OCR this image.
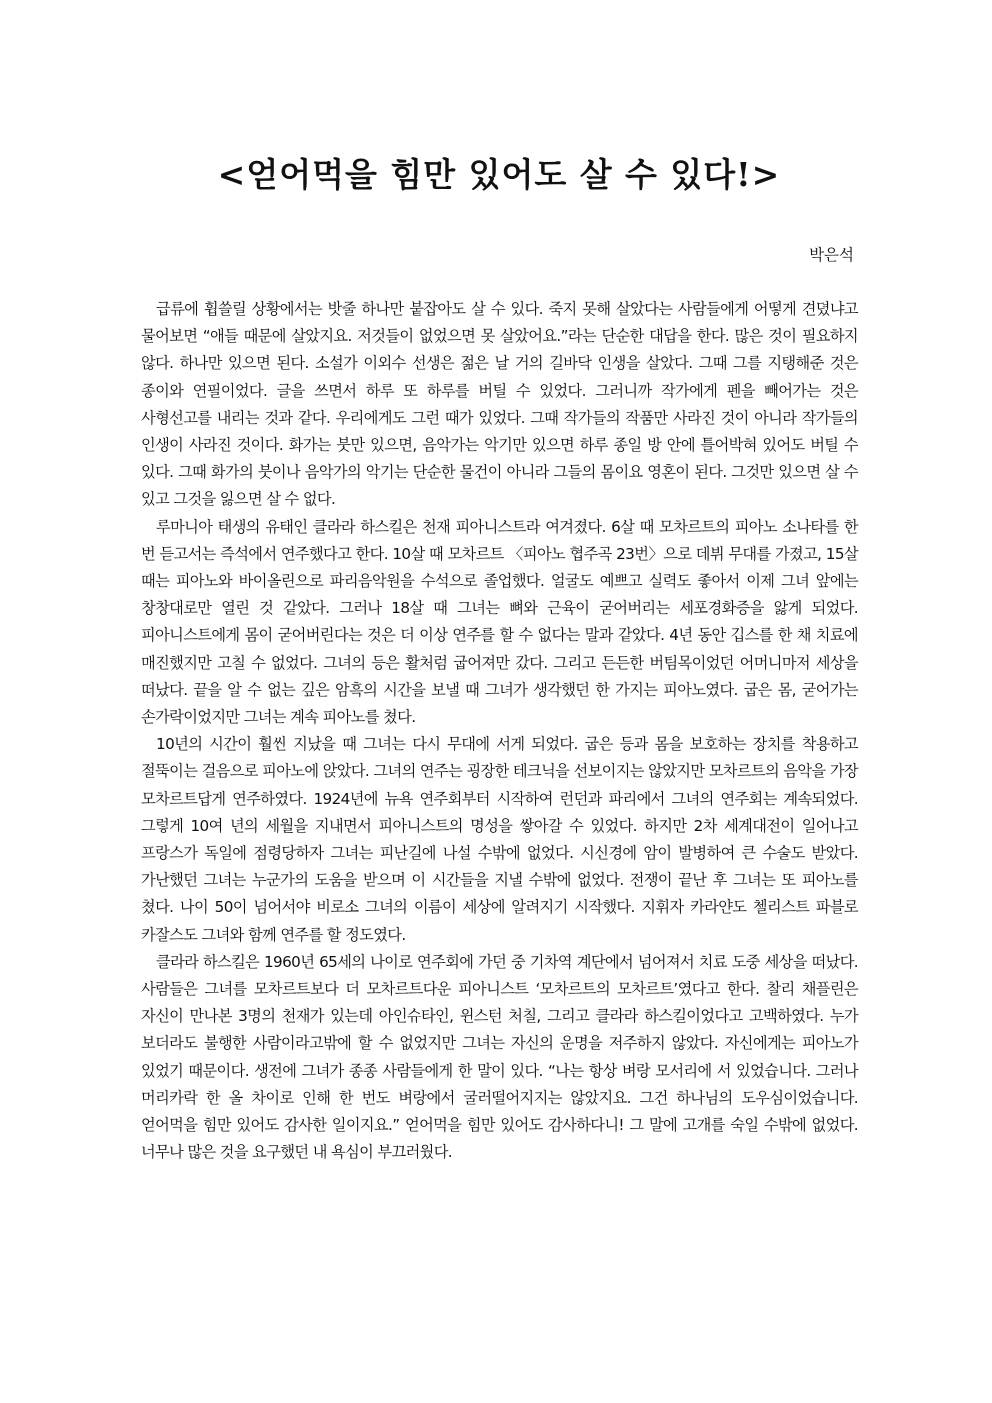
<얻어먹을 힘만 있어도 살 수 있다!>

박은석

급류에 휩쓸릴 상황에서는 밧줄 하나만 붙잡아도 살 수 있다. 죽지 못해 살았다는 사람들에게 어떻게 견뎠냐고 물어보면 “애들 때문에 살았지요. 저것들이 없었으면 못 살았어요.”라는 단순한 대답을 한다. 많은 것이 필요하지 않다. 하나만 있으면 된다. 소설가 이외수 선생은 젊은 날 거의 길바닥 인생을 살았다. 그때 그를 지탱해준 것은 종이와 연필이었다. 글을 쓰면서 하루 또 하루를 버틸 수 있었다. 그러니까 작가에게 펜을 빼어가는 것은 사형선고를 내리는 것과 같다. 우리에게도 그런 때가 있었다. 그때 작가들의 작품만 사라진 것이 아니라 작가들의 인생이 사라진 것이다. 화가는 붓만 있으면, 음악가는 악기만 있으면 하루 종일 방 안에 틀어박혀 있어도 버틸 수 있다. 그때 화가의 붓이나 음악가의 악기는 단순한 물건이 아니라 그들의 몸이요 영혼이 된다. 그것만 있으면 살 수 있고 그것을 잃으면 살 수 없다.

루마니아 태생의 유태인 클라라 하스킬은 천재 피아니스트라 여겨졌다. 6살 때 모차르트의 피아노 소나타를 한 번 듣고서는 즉석에서 연주했다고 한다. 10살 때 모차르트 〈피아노 협주곡 23번〉으로 데뷔 무대를 가졌고, 15살 때는 피아노와 바이올린으로 파리음악원을 수석으로 졸업했다. 얼굴도 예쁘고 실력도 좋아서 이제 그녀 앞에는 창창대로만 열린 것 같았다. 그러나 18살 때 그녀는 뼈와 근육이 굳어버리는 세포경화증을 앓게 되었다. 피아니스트에게 몸이 굳어버린다는 것은 더 이상 연주를 할 수 없다는 말과 같았다. 4년 동안 깁스를 한 채 치료에 매진했지만 고칠 수 없었다. 그녀의 등은 활처럼 굽어져만 갔다. 그리고 든든한 버팀목이었던 어머니마저 세상을 떠났다. 끝을 알 수 없는 깊은 암흑의 시간을 보낼 때 그녀가 생각했던 한 가지는 피아노였다. 굽은 몸, 굳어가는 손가락이었지만 그녀는 계속 피아노를 쳤다.

10년의 시간이 훨씬 지났을 때 그녀는 다시 무대에 서게 되었다. 굽은 등과 몸을 보호하는 장치를 착용하고 절뚝이는 걸음으로 피아노에 앉았다. 그녀의 연주는 굉장한 테크닉을 선보이지는 않았지만 모차르트의 음악을 가장 모차르트답게 연주하였다. 1924년에 뉴욕 연주회부터 시작하여 런던과 파리에서 그녀의 연주회는 계속되었다. 그렇게 10여 년의 세월을 지내면서 피아니스트의 명성을 쌓아갈 수 있었다. 하지만 2차 세계대전이 일어나고 프랑스가 독일에 점령당하자 그녀는 피난길에 나설 수밖에 없었다. 시신경에 암이 발병하여 큰 수술도 받았다. 가난했던 그녀는 누군가의 도움을 받으며 이 시간들을 지낼 수밖에 없었다. 전쟁이 끝난 후 그녀는 또 피아노를 쳤다. 나이 50이 넘어서야 비로소 그녀의 이름이 세상에 알려지기 시작했다. 지휘자 카라얀도 첼리스트 파블로 카잘스도 그녀와 함께 연주를 할 정도였다.

클라라 하스킬은 1960년 65세의 나이로 연주회에 가던 중 기차역 계단에서 넘어져서 치료 도중 세상을 떠났다. 사람들은 그녀를 모차르트보다 더 모차르트다운 피아니스트 ‘모차르트의 모차르트’였다고 한다. 찰리 채플린은 자신이 만나본 3명의 천재가 있는데 아인슈타인, 윈스턴 처칠, 그리고 클라라 하스킬이었다고 고백하였다. 누가 보더라도 불행한 사람이라고밖에 할 수 없었지만 그녀는 자신의 운명을 저주하지 않았다. 자신에게는 피아노가 있었기 때문이다. 생전에 그녀가 종종 사람들에게 한 말이 있다. “나는 항상 벼랑 모서리에 서 있었습니다. 그러나 머리카락 한 올 차이로 인해 한 번도 벼랑에서 굴러떨어지지는 않았지요. 그건 하나님의 도우심이었습니다. 얻어먹을 힘만 있어도 감사한 일이지요.” 얻어먹을 힘만 있어도 감사하다니! 그 말에 고개를 숙일 수밖에 없었다. 너무나 많은 것을 요구했던 내 욕심이 부끄러웠다.
